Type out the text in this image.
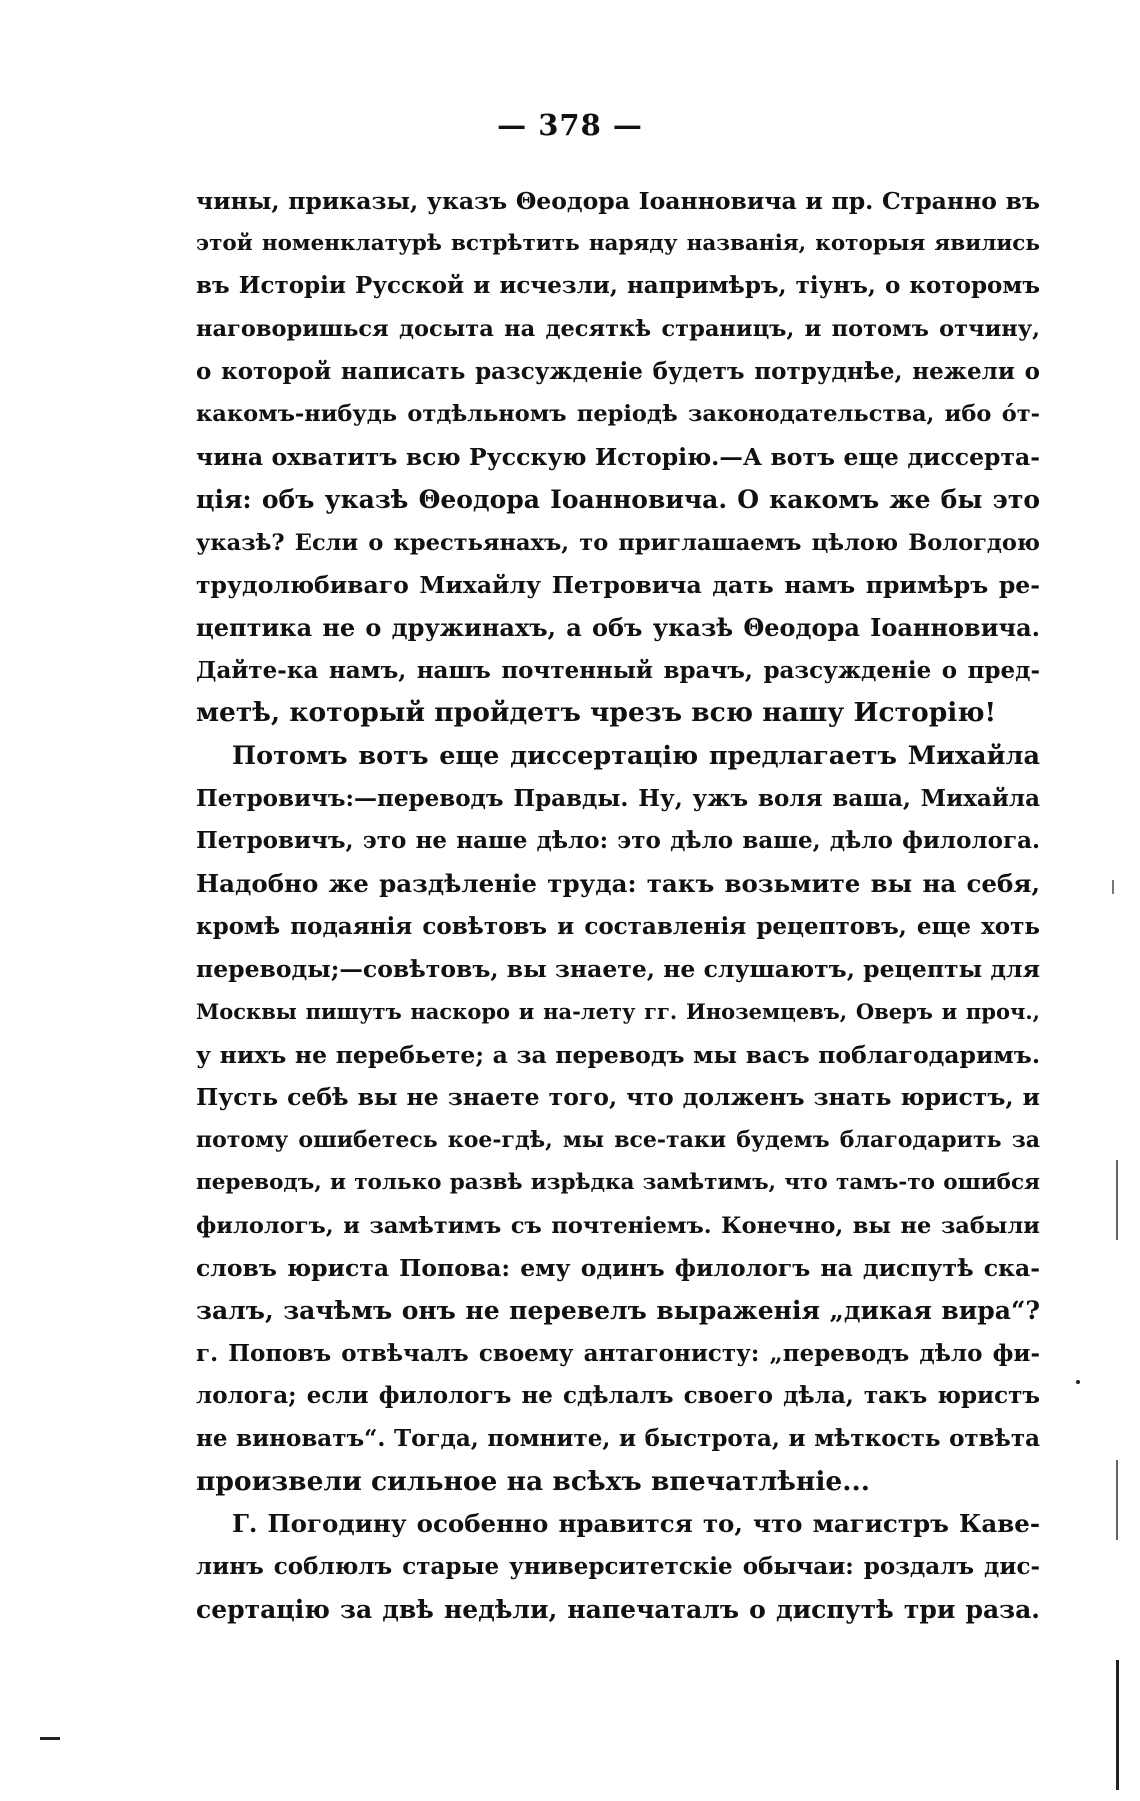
— 378 —
чины, приказы, указъ Θеодора Іоанновича и пр. Странно въ
этой номенклатурѣ встрѣтить наряду названія, которыя явились
въ Исторіи Русской и исчезли, напримѣръ, тіунъ, о которомъ
наговоришься досыта на десяткѣ страницъ, и потомъ отчину,
о которой написать разсужденіе будетъ потруднѣе, нежели о
какомъ-нибудь отдѣльномъ періодѣ законодательства, ибо óт-
чина охватитъ всю Русскую Исторію.—А вотъ еще диссерта-
ція: объ указѣ Θеодора Іоанновича. О какомъ же бы это
указѣ? Если о крестьянахъ, то приглашаемъ цѣлою Вологдою
трудолюбиваго Михайлу Петровича дать намъ примѣръ ре-
цептика не о дружинахъ, а объ указѣ Θеодора Іоанновича.
Дайте-ка намъ, нашъ почтенный врачъ, разсужденіе о пред-
метѣ, который пройдетъ чрезъ всю нашу Исторію!
Потомъ вотъ еще диссертацію предлагаетъ Михайла
Петровичъ:—переводъ Правды. Ну, ужъ воля ваша, Михайла
Петровичъ, это не наше дѣло: это дѣло ваше, дѣло филолога.
Надобно же раздѣленіе труда: такъ возьмите вы на себя,
кромѣ подаянія совѣтовъ и составленія рецептовъ, еще хоть
переводы;—совѣтовъ, вы знаете, не слушаютъ, рецепты для
Москвы пишутъ наскоро и на-лету гг. Иноземцевъ, Оверъ и проч.,
у нихъ не перебьете; а за переводъ мы васъ поблагодаримъ.
Пусть себѣ вы не знаете того, что долженъ знать юристъ, и
потому ошибетесь кое-гдѣ, мы все-таки будемъ благодарить за
переводъ, и только развѣ изрѣдка замѣтимъ, что тамъ-то ошибся
филологъ, и замѣтимъ съ почтеніемъ. Конечно, вы не забыли
словъ юриста Попова: ему одинъ филологъ на диспутѣ ска-
залъ, зачѣмъ онъ не перевелъ выраженія „дикая вира“?
г. Поповъ отвѣчалъ своему антагонисту: „переводъ дѣло фи-
лолога; если филологъ не сдѣлалъ своего дѣла, такъ юристъ
не виноватъ“. Тогда, помните, и быстрота, и мѣткость отвѣта
произвели сильное на всѣхъ впечатлѣніе...
Г. Погодину особенно нравится то, что магистръ Кавe-
линъ соблюлъ старые университетскіе обычаи: роздалъ дис-
сертацію за двѣ недѣли, напечаталъ о диспутѣ три раза.
